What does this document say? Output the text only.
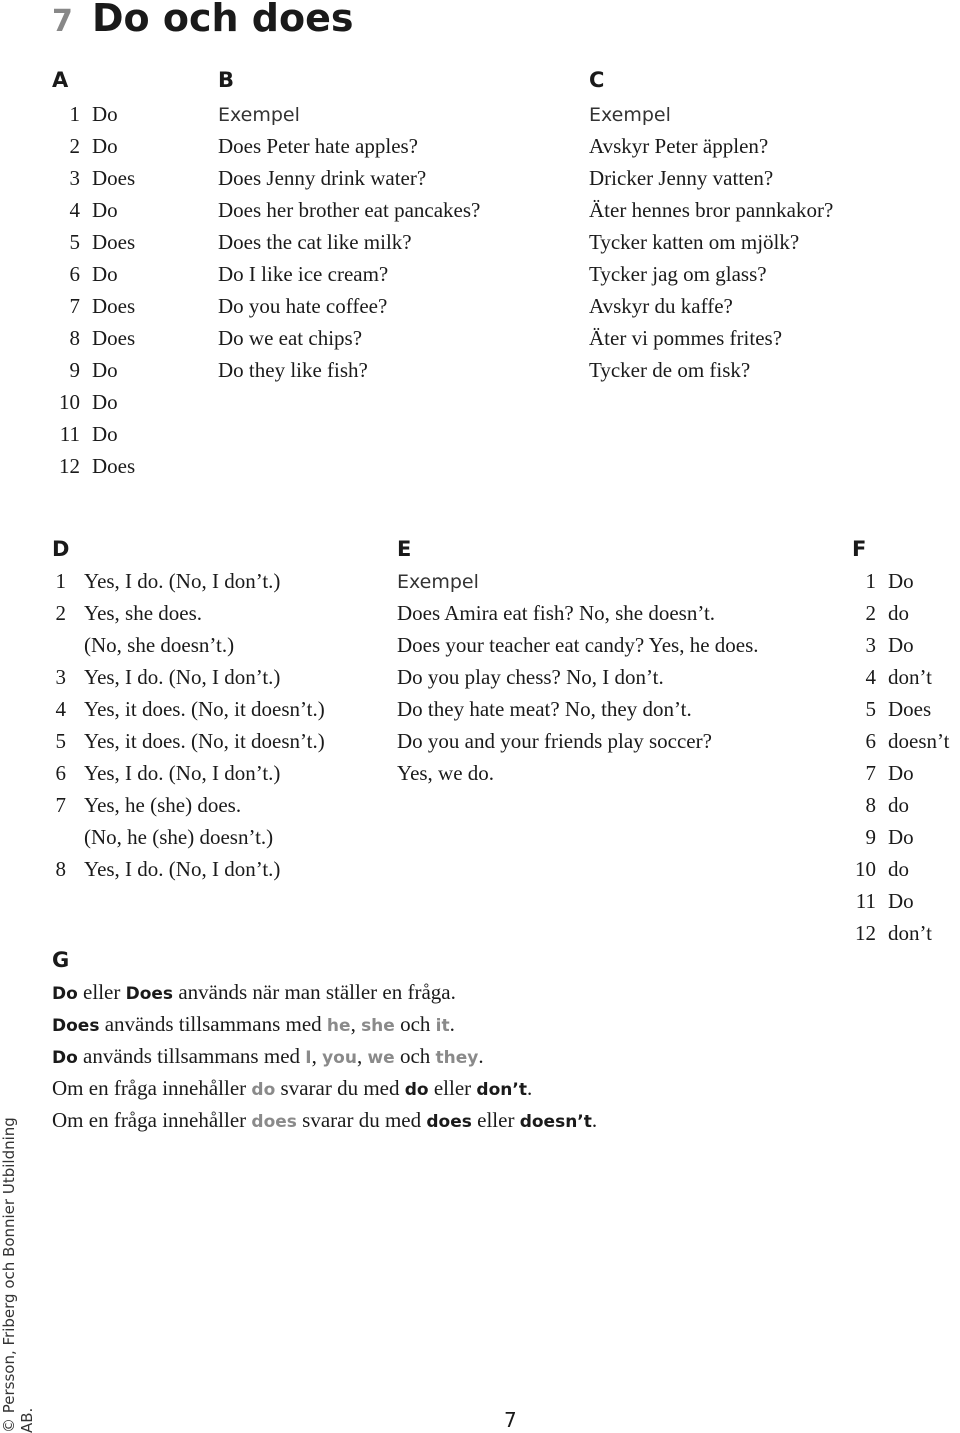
7 Do och does
A
1 Do
2 Do
3 Does
4 Do
5 Does
6 Do
7 Does
8 Does
9 Do
10 Do
11 Do
12 Does
B
Exempel
Does Peter hate apples?
Does Jenny drink water?
Does her brother eat pancakes?
Does the cat like milk?
Do I like ice cream?
Do you hate coffee?
Do we eat chips?
Do they like fish?
C
Exempel
Avskyr Peter äpplen?
Dricker Jenny vatten?
Äter hennes bror pannkakor?
Tycker katten om mjölk?
Tycker jag om glass?
Avskyr du kaffe?
Äter vi pommes frites?
Tycker de om fisk?
D
1 Yes, I do. (No, I don’t.)
2 Yes, she does.
(No, she doesn’t.)
3 Yes, I do. (No, I don’t.)
4 Yes, it does. (No, it doesn’t.)
5 Yes, it does. (No, it doesn’t.)
6 Yes, I do. (No, I don’t.)
7 Yes, he (she) does.
(No, he (she) doesn’t.)
8 Yes, I do. (No, I don’t.)
E
Exempel
Does Amira eat fish? No, she doesn’t.
Does your teacher eat candy? Yes, he does.
Do you play chess? No, I don’t.
Do they hate meat? No, they don’t.
Do you and your friends play soccer?
Yes, we do.
F
1 Do
2 do
3 Do
4 don’t
5 Does
6 doesn’t
7 Do
8 do
9 Do
10 do
11 Do
12 don’t
G
Do eller Does används när man ställer en fråga.
Does används tillsammans med he, she och it.
Do används tillsammans med I, you, we och they.
Om en fråga innehåller do svarar du med do eller don’t.
Om en fråga innehåller does svarar du med does eller doesn’t.
© Persson, Friberg och Bonnier Utbildning AB.	7
